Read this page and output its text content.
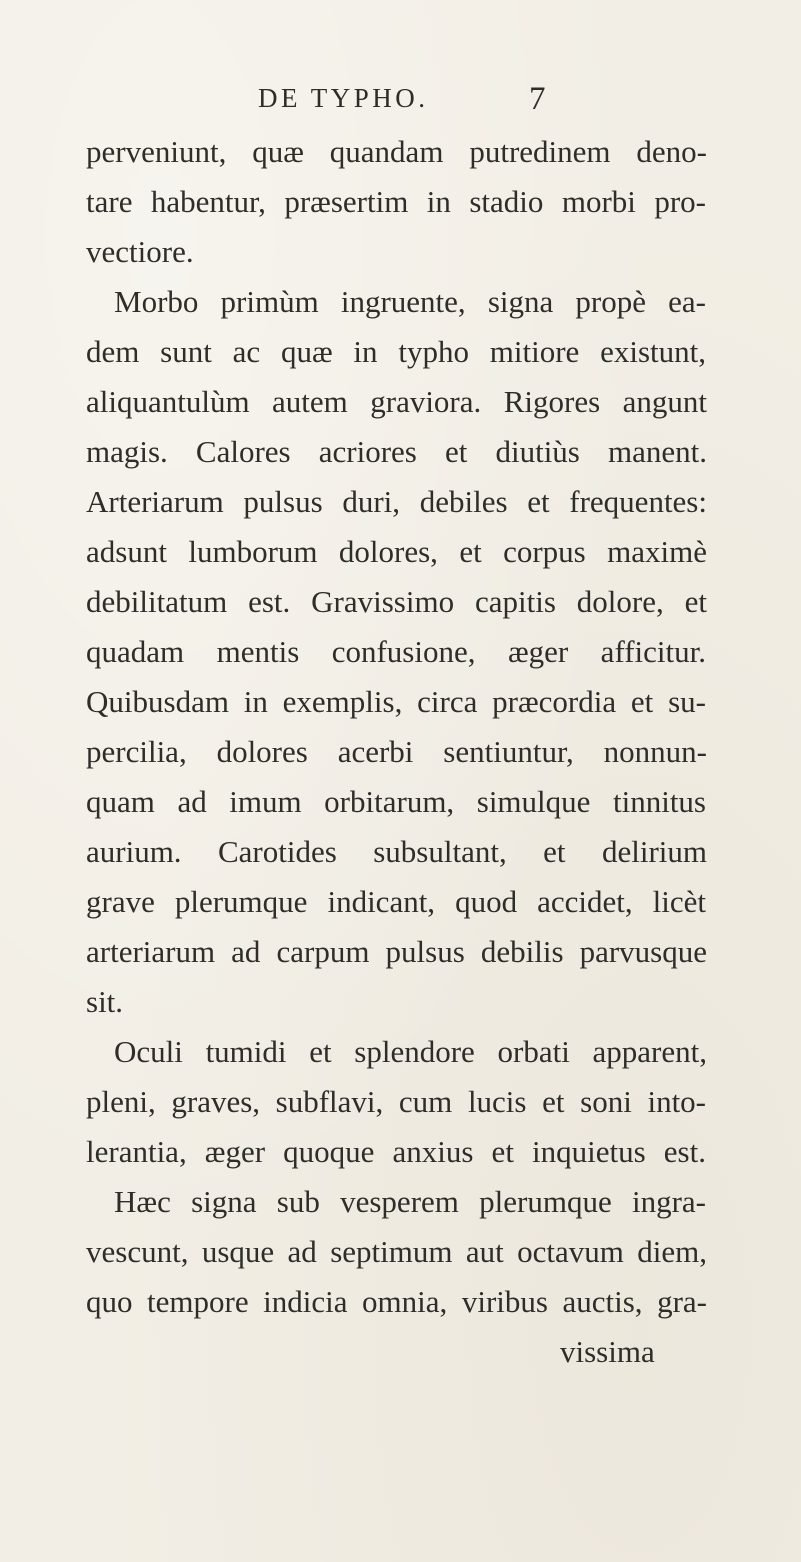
DE TYPHO.	7
perveniunt, quæ quandam putredinem deno-
tare habentur, præsertim in stadio morbi pro-
vectiore.
Morbo primùm ingruente, signa propè ea-
dem sunt ac quæ in typho mitiore existunt,
aliquantulùm autem graviora. Rigores angunt
magis. Calores acriores et diutiùs manent.
Arteriarum pulsus duri, debiles et frequentes:
adsunt lumborum dolores, et corpus maximè
debilitatum est. Gravissimo capitis dolore, et
quadam mentis confusione, æger afficitur.
Quibusdam in exemplis, circa præcordia et su-
percilia, dolores acerbi sentiuntur, nonnun-
quam ad imum orbitarum, simulque tinnitus
aurium. Carotides subsultant, et delirium
grave plerumque indicant, quod accidet, licèt
arteriarum ad carpum pulsus debilis parvusque
sit.
Oculi tumidi et splendore orbati apparent,
pleni, graves, subflavi, cum lucis et soni into-
lerantia, æger quoque anxius et inquietus est.
Hæc signa sub vesperem plerumque ingra-
vescunt, usque ad septimum aut octavum diem,
quo tempore indicia omnia, viribus auctis, gra-
vissima
